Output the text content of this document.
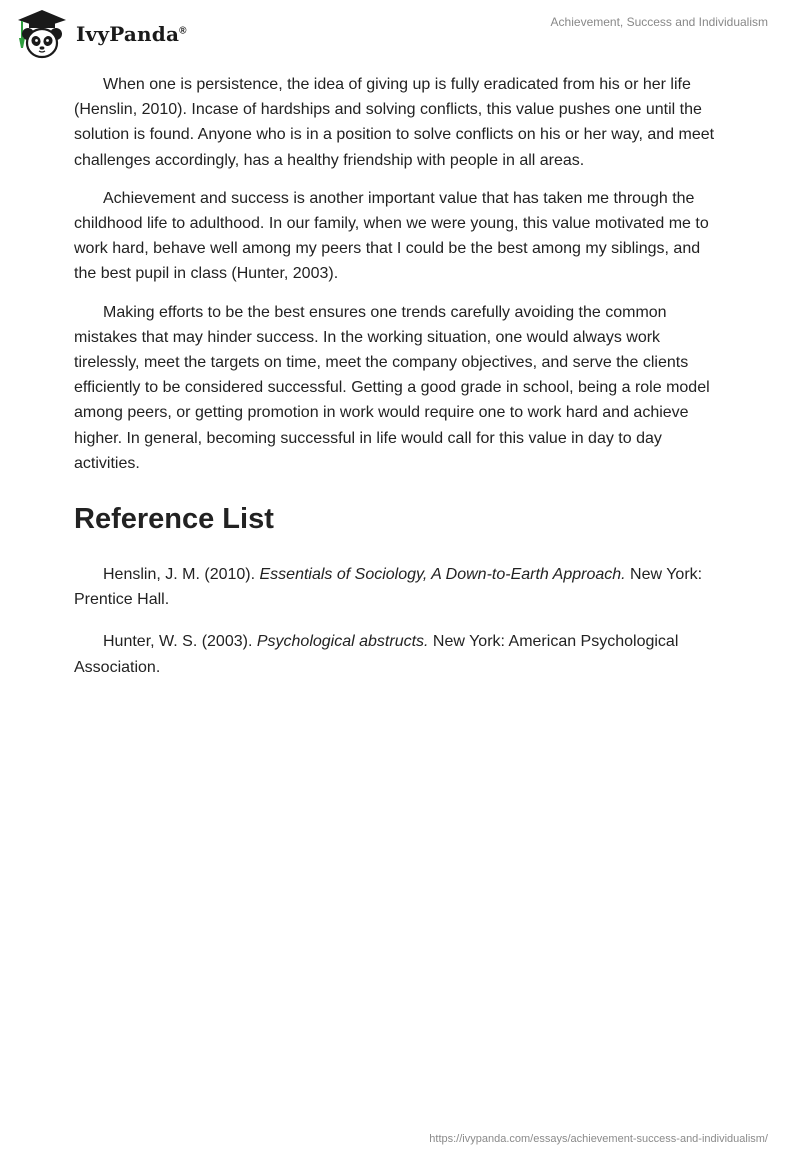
IvyPanda®
Achievement, Success and Individualism

When one is persistence, the idea of giving up is fully eradicated from his or her life (Henslin, 2010). Incase of hardships and solving conflicts, this value pushes one until the solution is found. Anyone who is in a position to solve conflicts on his or her way, and meet challenges accordingly, has a healthy friendship with people in all areas.

Achievement and success is another important value that has taken me through the childhood life to adulthood. In our family, when we were young, this value motivated me to work hard, behave well among my peers that I could be the best among my siblings, and the best pupil in class (Hunter, 2003).

Making efforts to be the best ensures one trends carefully avoiding the common mistakes that may hinder success. In the working situation, one would always work tirelessly, meet the targets on time, meet the company objectives, and serve the clients efficiently to be considered successful. Getting a good grade in school, being a role model among peers, or getting promotion in work would require one to work hard and achieve higher. In general, becoming successful in life would call for this value in day to day activities.

Reference List

Henslin, J. M. (2010). Essentials of Sociology, A Down-to-Earth Approach. New York: Prentice Hall.

Hunter, W. S. (2003). Psychological abstructs. New York: American Psychological Association.

https://ivypanda.com/essays/achievement-success-and-individualism/
